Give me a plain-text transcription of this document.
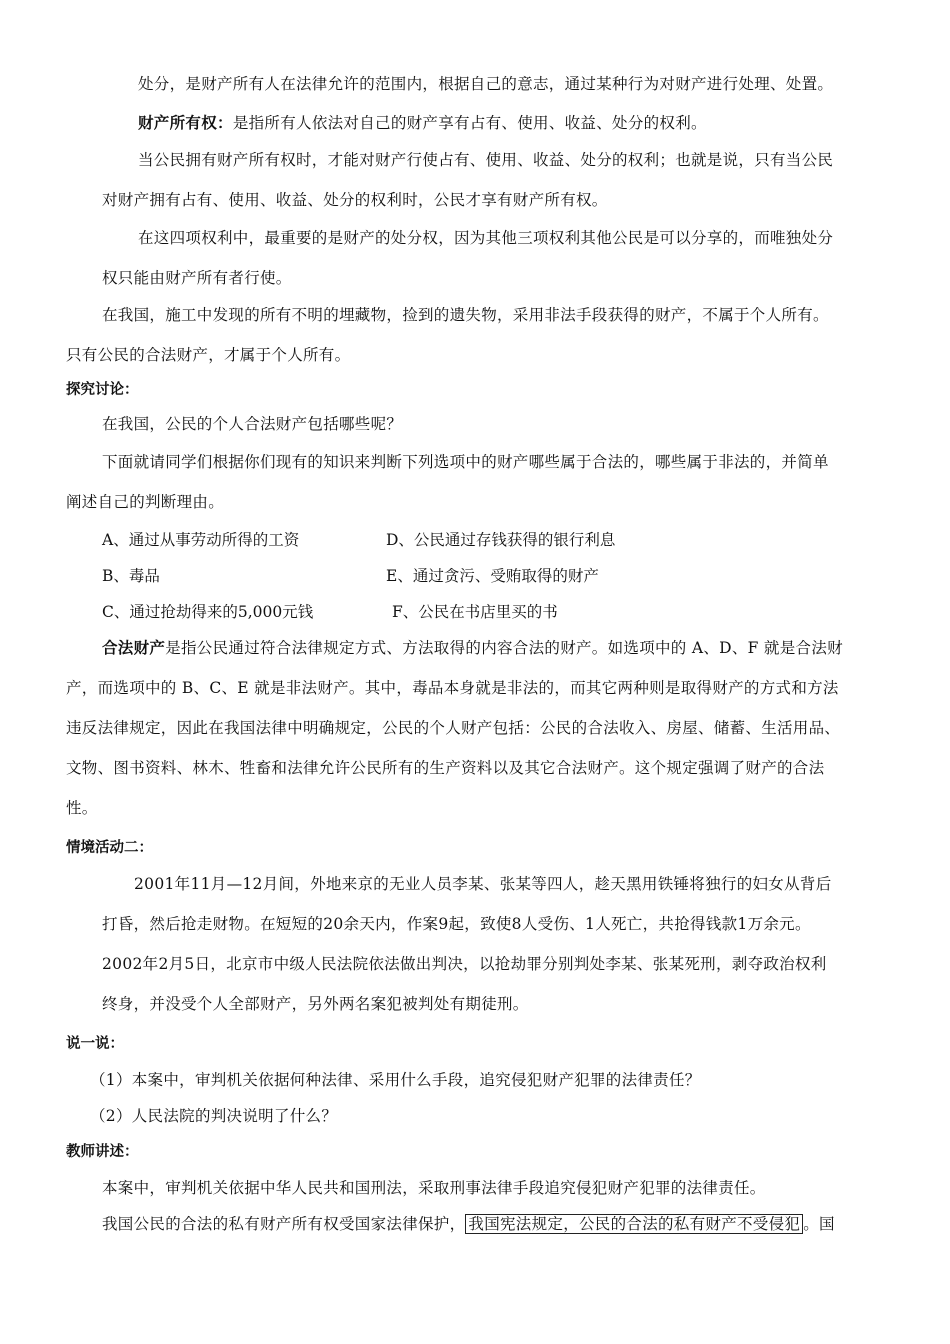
处分，是财产所有人在法律允许的范围内，根据自己的意志，通过某种行为对财产进行处理、处置。
财产所有权：是指所有人依法对自己的财产享有占有、使用、收益、处分的权利。
当公民拥有财产所有权时，才能对财产行使占有、使用、收益、处分的权利；也就是说，只有当公民
对财产拥有占有、使用、收益、处分的权利时，公民才享有财产所有权。
在这四项权利中，最重要的是财产的处分权，因为其他三项权利其他公民是可以分享的，而唯独处分
权只能由财产所有者行使。
在我国，施工中发现的所有不明的埋藏物，捡到的遗失物，采用非法手段获得的财产，不属于个人所有。
只有公民的合法财产，才属于个人所有。
探究讨论：
在我国，公民的个人合法财产包括哪些呢？
下面就请同学们根据你们现有的知识来判断下列选项中的财产哪些属于合法的，哪些属于非法的，并简单
阐述自己的判断理由。
A、通过从事劳动所得的工资	D、公民通过存钱获得的银行利息
B、毒品	E、通过贪污、受贿取得的财产
C、通过抢劫得来的5,000元钱	F、公民在书店里买的书
合法财产是指公民通过符合法律规定方式、方法取得的内容合法的财产。如选项中的 A、D、F 就是合法财
产，而选项中的 B、C、E 就是非法财产。其中，毒品本身就是非法的，而其它两种则是取得财产的方式和方法
违反法律规定，因此在我国法律中明确规定，公民的个人财产包括：公民的合法收入、房屋、储蓄、生活用品、
文物、图书资料、林木、牲畜和法律允许公民所有的生产资料以及其它合法财产。这个规定强调了财产的合法
性。
情境活动二：
2001年11月—12月间，外地来京的无业人员李某、张某等四人，趁天黑用铁锤将独行的妇女从背后
打昏，然后抢走财物。在短短的20余天内，作案9起，致使8人受伤、1人死亡，共抢得钱款1万余元。
2002年2月5日，北京市中级人民法院依法做出判决，以抢劫罪分别判处李某、张某死刑，剥夺政治权利
终身，并没受个人全部财产，另外两名案犯被判处有期徒刑。
说一说：
（1）本案中，审判机关依据何种法律、采用什么手段，追究侵犯财产犯罪的法律责任？
（2）人民法院的判决说明了什么？
教师讲述：
本案中，审判机关依据中华人民共和国刑法，采取刑事法律手段追究侵犯财产犯罪的法律责任。
我国公民的合法的私有财产所有权受国家法律保护， 我国宪法规定，公民的合法的私有财产不受侵犯 。国
